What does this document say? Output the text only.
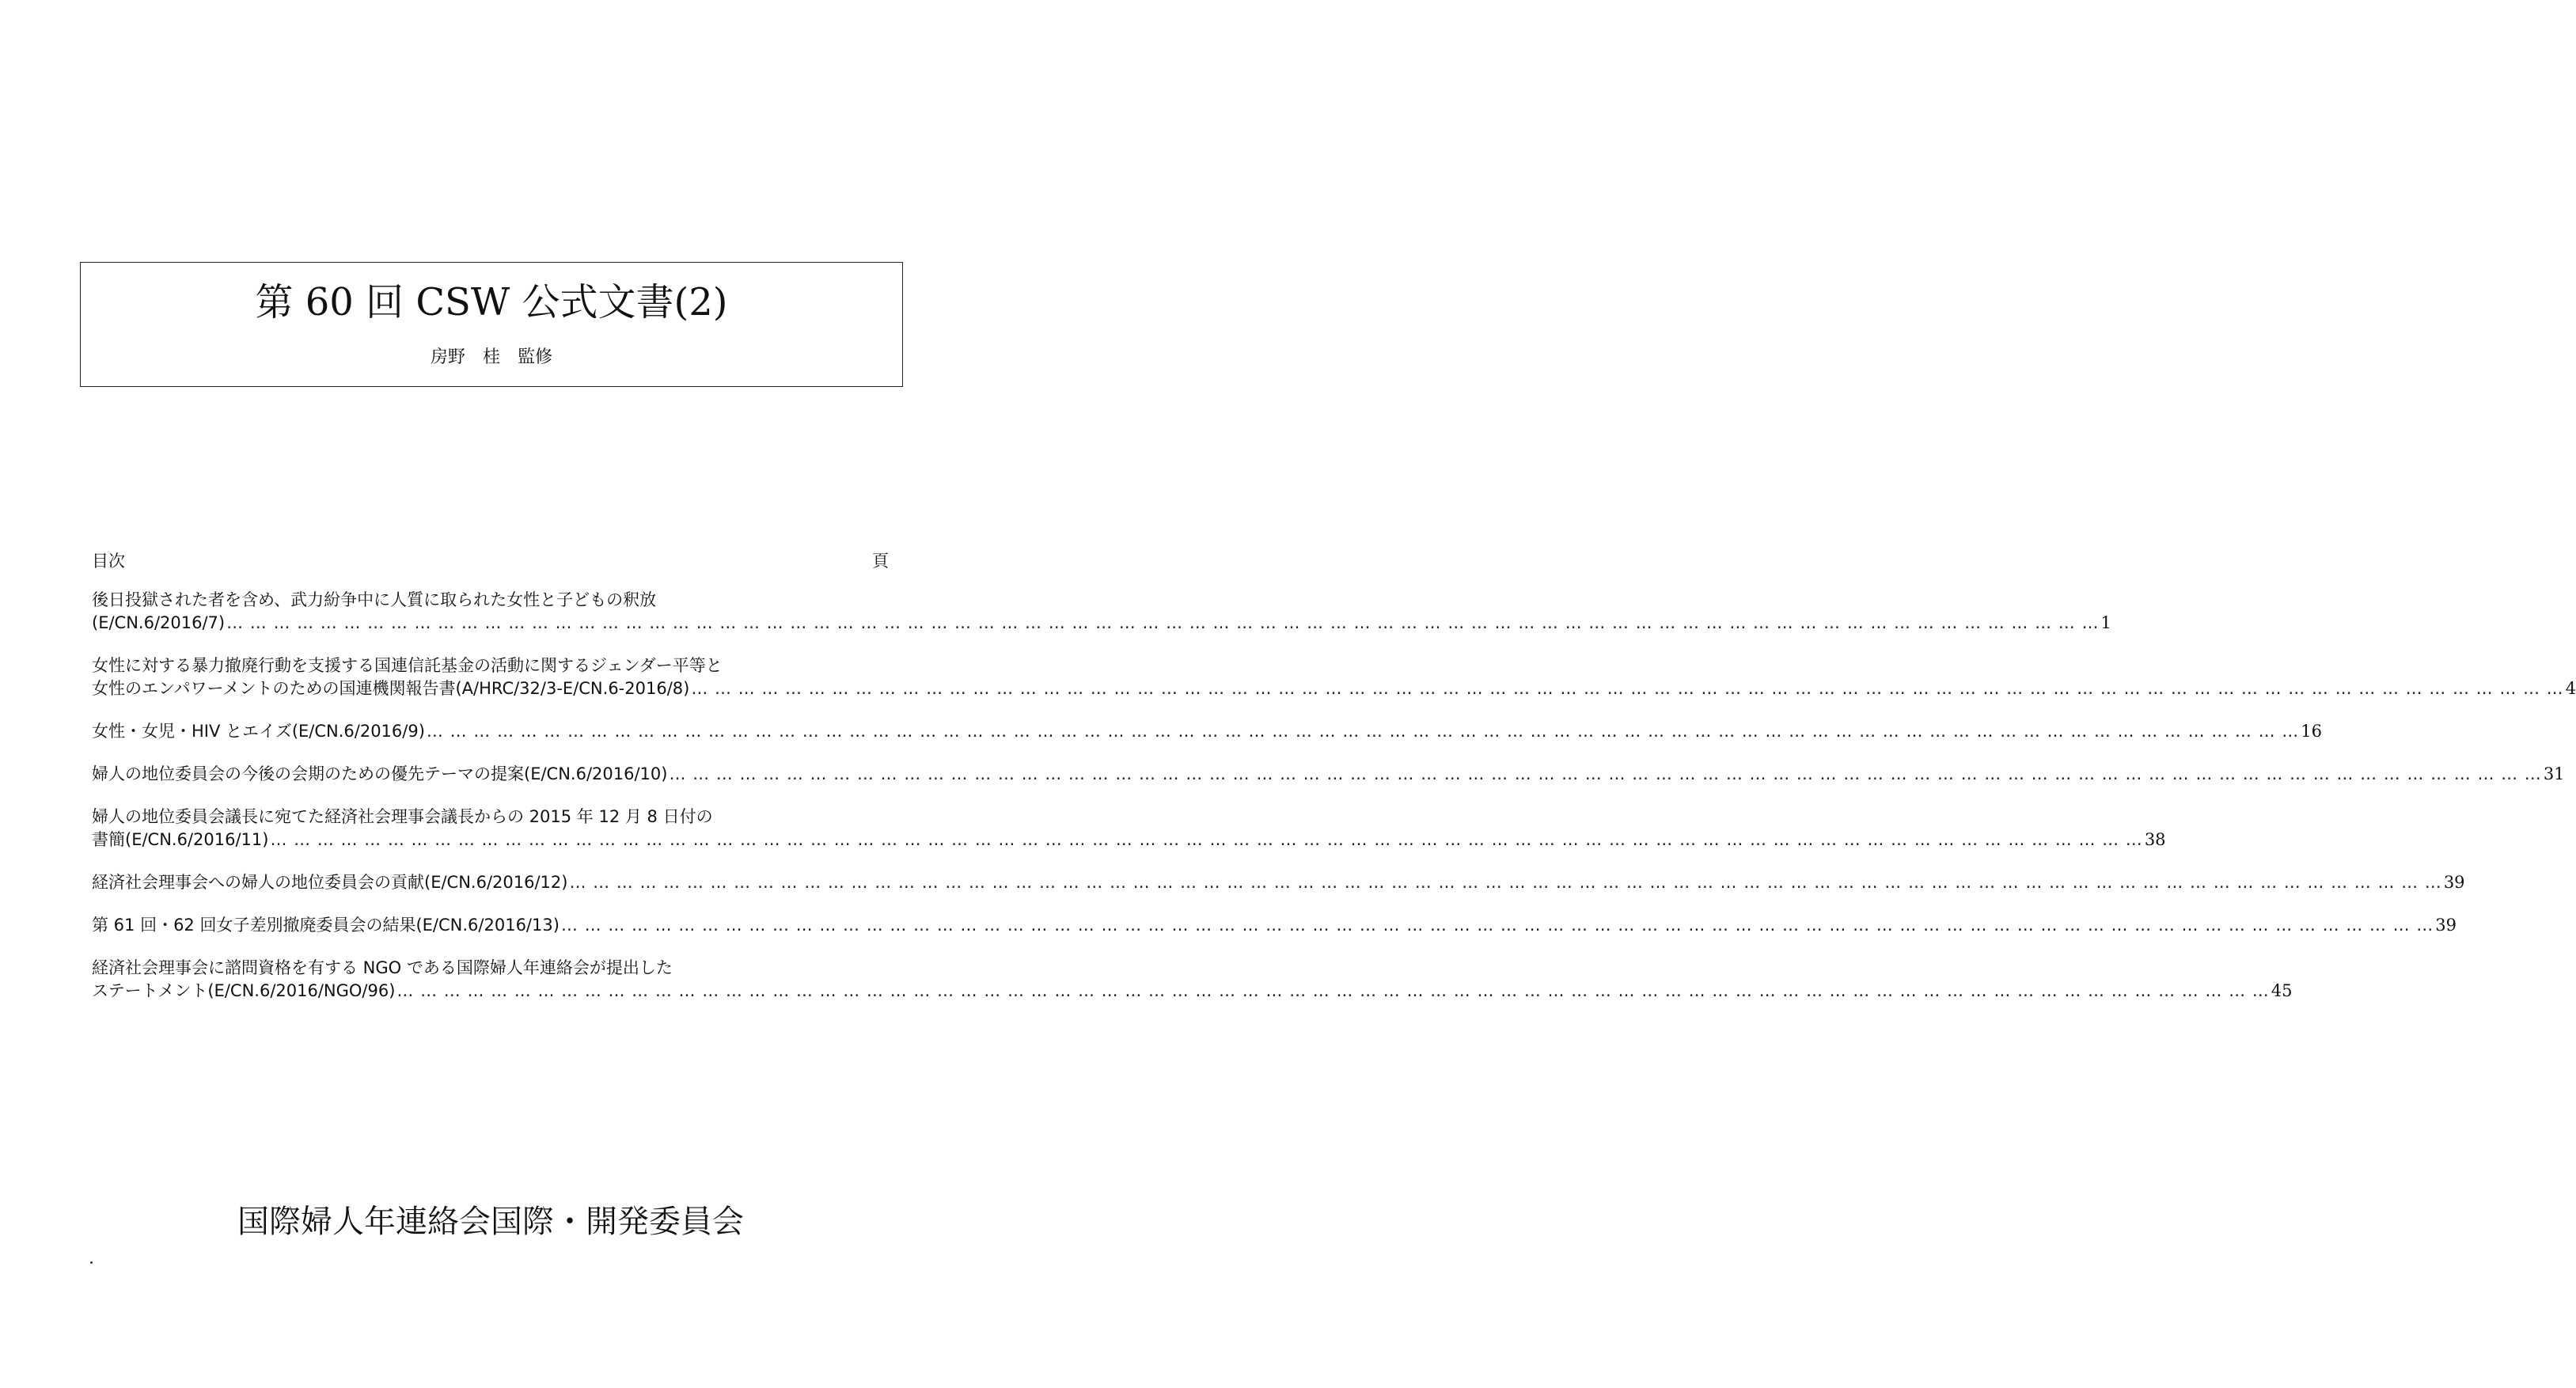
第 60 回 CSW 公式文書(2)
房野　桂　監修
目次	頁
後日投獄された者を含め、武力紛争中に人質に取られた女性と子どもの釈放
(E/CN.6/2016/7) … … … … … … … … … … … … … … … … … … … … … … … … … … … … … … … … … … … … … … … … … … … … … … … … … … … … … … … … … … … … … … … … … … … … … … … … … … … … … … … … 1
女性に対する暴力撤廃行動を支援する国連信託基金の活動に関するジェンダー平等と
女性のエンパワーメントのための国連機関報告書(A/HRC/32/3-E/CN.6-2016/8) … … … … … … … … … … … … … … … … … … … … … … … … … … … … … … … … … … … … … … … … … … … … … … … … … … … … … … … … … … … … … … … … … … … … … … … … … … … … … … … … 4
女性・女児・HIV とエイズ(E/CN.6/2016/9) … … … … … … … … … … … … … … … … … … … … … … … … … … … … … … … … … … … … … … … … … … … … … … … … … … … … … … … … … … … … … … … … … … … … … … … … … … … … … … … … 16
婦人の地位委員会の今後の会期のための優先テーマの提案(E/CN.6/2016/10) … … … … … … … … … … … … … … … … … … … … … … … … … … … … … … … … … … … … … … … … … … … … … … … … … … … … … … … … … … … … … … … … … … … … … … … … … … … … … … … … 31
婦人の地位委員会議長に宛てた経済社会理事会議長からの 2015 年 12 月 8 日付の
書簡(E/CN.6/2016/11) … … … … … … … … … … … … … … … … … … … … … … … … … … … … … … … … … … … … … … … … … … … … … … … … … … … … … … … … … … … … … … … … … … … … … … … … … … … … … … … … 38
経済社会理事会への婦人の地位委員会の貢献(E/CN.6/2016/12) … … … … … … … … … … … … … … … … … … … … … … … … … … … … … … … … … … … … … … … … … … … … … … … … … … … … … … … … … … … … … … … … … … … … … … … … … … … … … … … … 39
第 61 回・62 回女子差別撤廃委員会の結果(E/CN.6/2016/13) … … … … … … … … … … … … … … … … … … … … … … … … … … … … … … … … … … … … … … … … … … … … … … … … … … … … … … … … … … … … … … … … … … … … … … … … … … … … … … … … 39
経済社会理事会に諮問資格を有する NGO である国際婦人年連絡会が提出した
ステートメント(E/CN.6/2016/NGO/96) … … … … … … … … … … … … … … … … … … … … … … … … … … … … … … … … … … … … … … … … … … … … … … … … … … … … … … … … … … … … … … … … … … … … … … … … … … … … … … … … 45
国際婦人年連絡会国際・開発委員会
